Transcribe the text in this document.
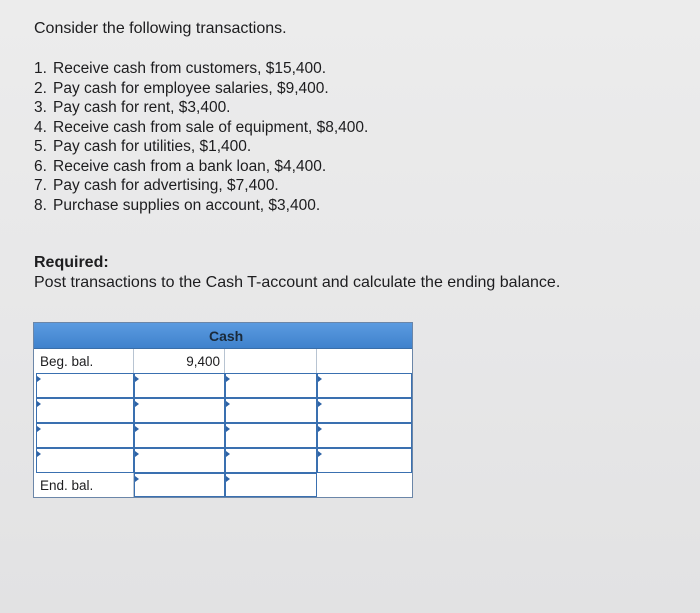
Consider the following transactions.

1. Receive cash from customers, $15,400.
2. Pay cash for employee salaries, $9,400.
3. Pay cash for rent, $3,400.
4. Receive cash from sale of equipment, $8,400.
5. Pay cash for utilities, $1,400.
6. Receive cash from a bank loan, $4,400.
7. Pay cash for advertising, $7,400.
8. Purchase supplies on account, $3,400.

Required:

Post transactions to the Cash T-account and calculate the ending balance.

Cash
Beg. bal.	9,400
End. bal.
